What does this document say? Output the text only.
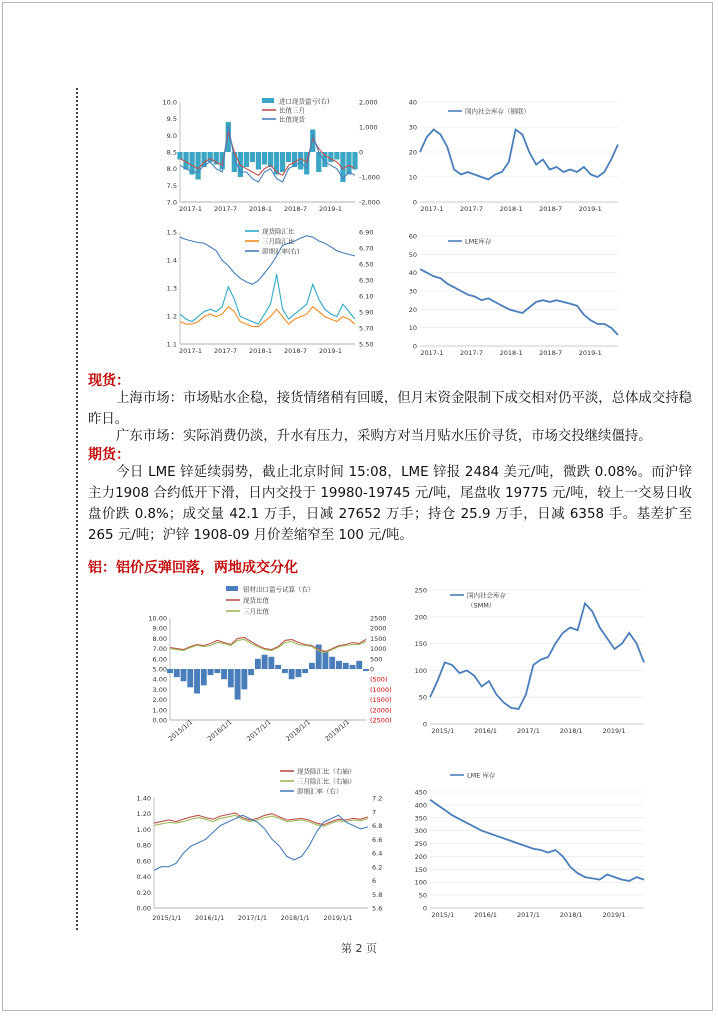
10.0
9.5
9.0
8.5
8.0
7.5
7.0
2,000
1,000
0
-1,000
-2,000
2017-1 2017-7 2018-1 2018-7 2019-1
进口现货盈亏(右)
比值三月
比值现货
40
30
20
10
0
2017-1	2017-7	2018-1	2018-7	2019-1
国内社会库存（钢联）
1.5
1.4
1.3
1.2
1.1
6.90
6.70
6.50
6.30
6.10
5.90
5.70
5.50
2017-1 2017-7 2018-1 2018-7 2019-1
现货除汇比
三月除汇比
即期汇率(右)
60
50
40
30
20
10
0
2017-1	2017-7	2018-1	2018-7	2019-1
LME库存
现货：
上海市场：市场贴水企稳，接货情绪稍有回暖，但月末资金限制下成交相对仍平淡，总体成交持稳昨日。
广东市场：实际消费仍淡，升水有压力，采购方对当月贴水压价寻货，市场交投继续僵持。
期货：
今日 LME 锌延续弱势，截止北京时间 15:08，LME 锌报 2484 美元/吨，微跌 0.08%。而沪锌主力1908 合约低开下滑，日内交投于 19980-19745 元/吨，尾盘收 19775 元/吨，较上一交易日收盘价跌 0.8%；成交量 42.1 万手，日减 27652 万手；持仓 25.9 万手，日减 6358 手。基差扩至 265 元/吨；沪锌 1908-09 月价差缩窄至 100 元/吨。
铝：铝价反弹回落，两地成交分化
10.00
9.00
8.00
7.00
6.00
5.00
4.00
3.00
2.00
1.00
0.00
2500
2000
1500
1000
500
0
(500)
(1000)
(1500)
(2000)
(2500)
2015/1/1 2016/1/1 2017/1/1 2018/1/1 2019/1/1
铝材出口盈亏试算（右）
现货比值
三月比值
250
200
150
100
50
0
2015/1	2016/1	2017/1	2018/1	2019/1
国内社会库存
（SMM）
1.40
1.20
1.00
0.80
0.60
0.40
0.20
0.00
7.2
7
6.8
6.6
6.4
6.2
6
5.8
5.6
2015/1/1 2016/1/1 2017/1/1 2018/1/1 2019/1/1
现货除汇比（右轴）
三月除汇比（右轴）
即期汇率（右）	450
400
350
300
250
200
150
100
50
0
2015/1	2016/1	2017/1	2018/1	2019/1
LME 库存
第 2 页
